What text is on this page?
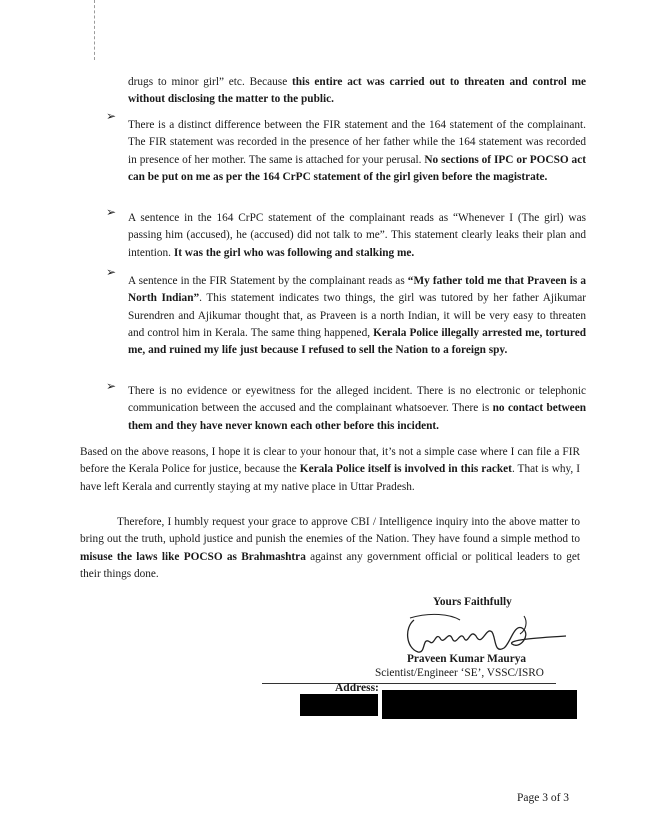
drugs to minor girl” etc. Because this entire act was carried out to threaten and control me without disclosing the matter to the public.
➢
There is a distinct difference between the FIR statement and the 164 statement of the complainant. The FIR statement was recorded in the presence of her father while the 164 statement was recorded in presence of her mother. The same is attached for your perusal. No sections of IPC or POCSO act can be put on me as per the 164 CrPC statement of the girl given before the magistrate.
➢ A sentence in the 164 CrPC statement of the complainant reads as “Whenever I (The girl) was passing him (accused), he (accused) did not talk to me”. This statement clearly leaks their plan and intention. It was the girl who was following and stalking me.
➢
A sentence in the FIR Statement by the complainant reads as “My father told me that Praveen is a North Indian”. This statement indicates two things, the girl was tutored by her father Ajikumar Surendren and Ajikumar thought that, as Praveen is a north Indian, it will be very easy to threaten and control him in Kerala. The same thing happened, Kerala Police illegally arrested me, tortured me, and ruined my life just because I refused to sell the Nation to a foreign spy.
➢ There is no evidence or eyewitness for the alleged incident. There is no electronic or telephonic communication between the accused and the complainant whatsoever. There is no contact between them and they have never known each other before this incident.
Based on the above reasons, I hope it is clear to your honour that, it’s not a simple case where I can file a FIR before the Kerala Police for justice, because the Kerala Police itself is involved in this racket. That is why, I have left Kerala and currently staying at my native place in Uttar Pradesh.
Therefore, I humbly request your grace to approve CBI / Intelligence inquiry into the above matter to bring out the truth, uphold justice and punish the enemies of the Nation. They have found a simple method to misuse the laws like POCSO as Brahmashtra against any government official or political leaders to get their things done.
Yours Faithfully
Praveen Kumar Maurya
Scientist/Engineer ‘SE’, VSSC/ISRO
Address:
Page 3 of 3
